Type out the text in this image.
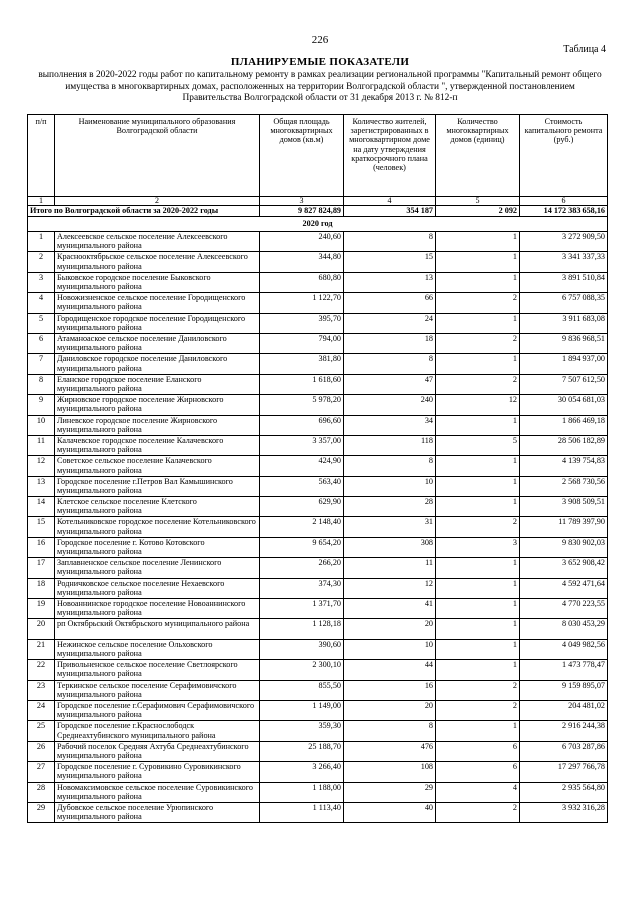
226
Таблица 4
ПЛАНИРУЕМЫЕ ПОКАЗАТЕЛИ
выполнения в 2020-2022 годы работ по капитальному ремонту в рамках реализации региональной программы "Капитальный ремонт общего имущества в многоквартирных домах, расположенных на территории Волгоградской области ", утвержденной постановлением Правительства Волгоградской области от 31 декабря 2013 г. № 812-п
п/п	Наименование муниципального образования Волгоградской области	Общая площадь многоквартирных домов (кв.м)	Количество жителей, зарегистрированных в многоквартирном доме на дату утверждения краткосрочного плана (человек)	Количество многоквартирных домов (единиц)	Стоимость капитального ремонта (руб.)
1	2	3	4	5	6
Итого по Волгоградской области за 2020-2022 годы		9 827 824,89	354 187	2 092	14 172 383 658,16
2020 год					
1	Алексеевское сельское поселение Алексеевского муниципального района	240,60	8	1	3 272 909,50
2	Краснооктябрьское сельское поселение Алексеевского муниципального района	344,80	15	1	3 341 337,33
3	Быковское городское поселение Быковского муниципального района	680,80	13	1	3 891 510,84
4	Новожизненское сельское поселение Городищенского муниципального района	1 122,70	66	2	6 757 088,35
5	Городищенское городское поселение Городищенского муниципального района	395,70	24	1	3 911 683,08
6	Атаманоаское сельское поселение Даниловского муниципального района	794,00	18	2	9 836 968,51
7	Даниловское городское поселение Даниловского муниципального района	381,80	8	1	1 894 937,00
8	Еланское городское поселение Еланского муниципального района	1 618,60	47	2	7 507 612,50
9	Жирновское городское поселение Жирновского муниципального района	5 978,20	240	12	30 054 681,03
10	Линевское городское поселение Жирновского муниципального района	696,60	34	1	1 866 469,18
11	Калачевское городское поселение Калачевского муниципального района	3 357,00	118	5	28 506 182,89
12	Советское сельское поселение Калачевского муниципального района	424,90	8	1	4 139 754,83
13	Городское поселение г.Петров Вал Камышинского муниципального района	563,40	10	1	2 568 730,56
14	Клетское сельское поселение Клетского муниципального района	629,90	28	1	3 908 509,51
15	Котельниковское городское поселение Котельниковского муниципального района	2 148,40	31	2	11 789 397,90
16	Городское поселение г. Котово Котовского муниципального района	9 654,20	308	3	9 830 902,03
17	Заплавненское сельское поселение Ленинского муниципального района	266,20	11	1	3 652 908,42
18	Родничковское сельское поселение Нехаевского муниципального района	374,30	12	1	4 592 471,64
19	Новоаннинское городское поселение Новоаннинского муниципального района	1 371,70	41	1	4 770 223,55
20	рп Октябрьский Октябрьского муниципального района	1 128,18	20	1	8 030 453,29
21	Нежинское сельское поселение Ольховского муниципального района	390,60	10	1	4 049 982,56
22	Привольненское сельское поселение Светлоярского муниципального района	2 300,10	44	1	1 473 778,47
23	Теркинское сельское поселение Серафимовичского муниципального района	855,50	16	2	9 159 895,07
24	Городское поселение г.Серафимович Серафимовичского муниципального района	1 149,00	20	2	204 481,02
25	Городское поселение г.Краснослободск Среднеахтубинского муниципального района	359,30	8	1	2 916 244,38
26	Рабочий поселок Средняя Ахтуба Среднеахтубинского муниципального района	25 188,70	476	6	6 703 287,86
27	Городское поселение г. Суровикино Суровикинского муниципального района	3 266,40	108	6	17 297 766,78
28	Новомаксимовское сельское поселение Суровикинского муниципального района	1 188,00	29	4	2 935 564,80
29	Дубовское сельское поселение Урюпинского муниципального района	1 113,40	40	2	3 932 316,28
